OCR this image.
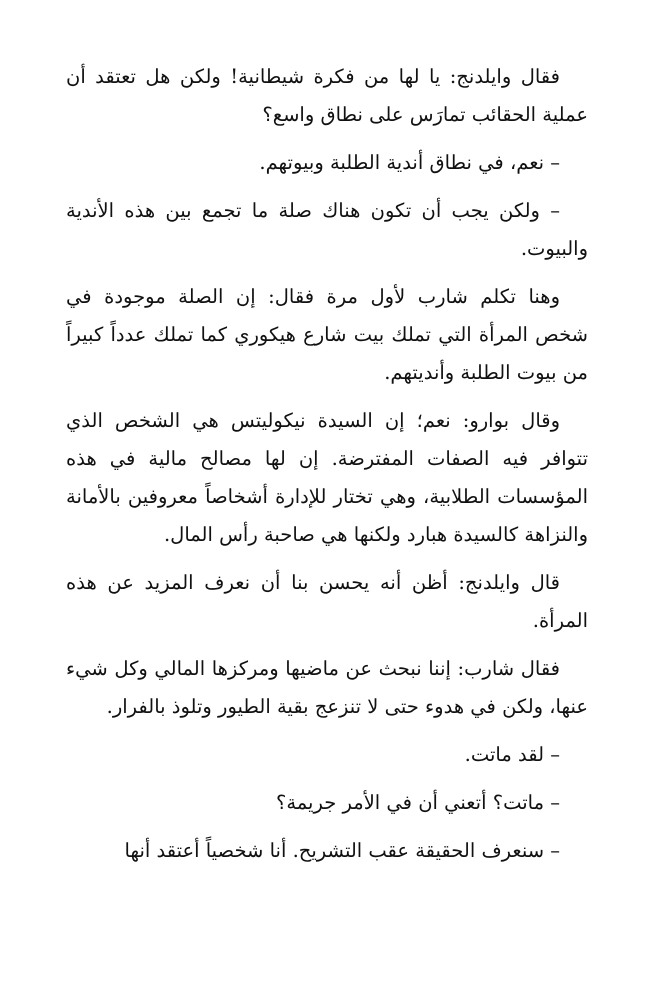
فقال وايلدنج: يا لها من فكرة شيطانية! ولكن هل تعتقد أن عملية الحقائب تمارَس على نطاق واسع؟

– نعم، في نطاق أندية الطلبة وبيوتهم.

– ولكن يجب أن تكون هناك صلة ما تجمع بين هذه الأندية والبيوت.

وهنا تكلم شارب لأول مرة فقال: إن الصلة موجودة في شخص المرأة التي تملك بيت شارع هيكوري كما تملك عدداً كبيراً من بيوت الطلبة وأنديتهم.

وقال بوارو: نعم؛ إن السيدة نيكوليتس هي الشخص الذي تتوافر فيه الصفات المفترضة. إن لها مصالح مالية في هذه المؤسسات الطلابية، وهي تختار للإدارة أشخاصاً معروفين بالأمانة والنزاهة كالسيدة هبارد ولكنها هي صاحبة رأس المال.

قال وايلدنج: أظن أنه يحسن بنا أن نعرف المزيد عن هذه المرأة.

فقال شارب: إننا نبحث عن ماضيها ومركزها المالي وكل شيء عنها، ولكن في هدوء حتى لا تنزعج بقية الطيور وتلوذ بالفرار.

– لقد ماتت.

– ماتت؟ أتعني أن في الأمر جريمة؟

– سنعرف الحقيقة عقب التشريح. أنا شخصياً أعتقد أنها
